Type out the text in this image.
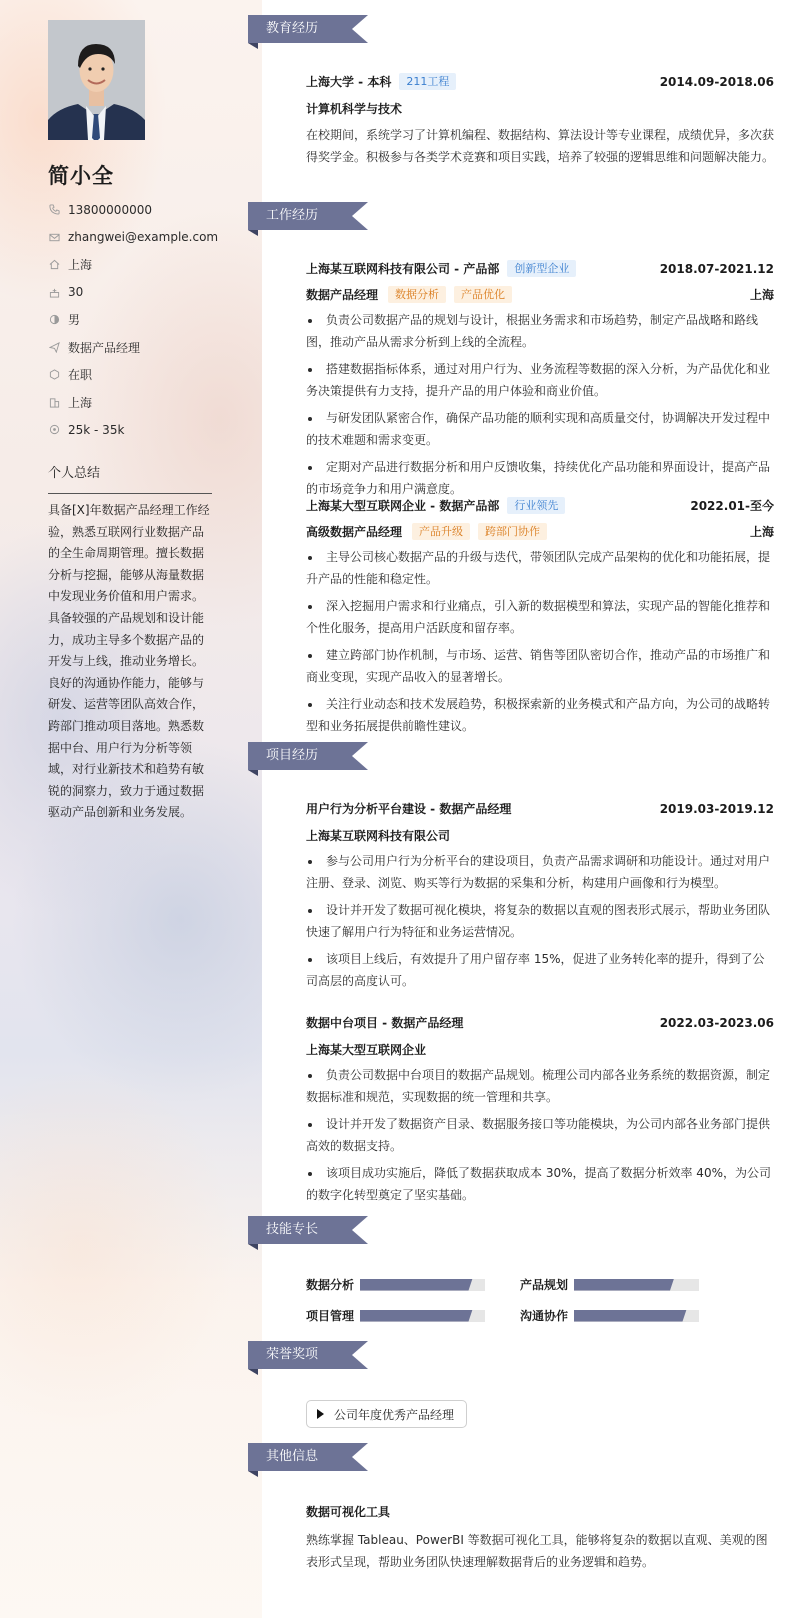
简小全
13800000000
zhangwei@example.com
上海
30
男
数据产品经理
在职
上海
25k - 35k
个人总结
具备[X]年数据产品经理工作经验，熟悉互联网行业数据产品的全生命周期管理。擅长数据分析与挖掘，能够从海量数据中发现业务价值和用户需求。具备较强的产品规划和设计能力，成功主导多个数据产品的开发与上线，推动业务增长。良好的沟通协作能力，能够与研发、运营等团队高效合作，跨部门推动项目落地。熟悉数据中台、用户行为分析等领域，对行业新技术和趋势有敏锐的洞察力，致力于通过数据驱动产品创新和业务发展。
教育经历
上海大学 - 本科	211工程	2014.09-2018.06
计算机科学与技术
在校期间，系统学习了计算机编程、数据结构、算法设计等专业课程，成绩优异，多次获得奖学金。积极参与各类学术竞赛和项目实践，培养了较强的逻辑思维和问题解决能力。
工作经历
上海某互联网科技有限公司 - 产品部	创新型企业	2018.07-2021.12
数据产品经理	数据分析	产品优化	上海
负责公司数据产品的规划与设计，根据业务需求和市场趋势，制定产品战略和路线图，推动产品从需求分析到上线的全流程。
搭建数据指标体系，通过对用户行为、业务流程等数据的深入分析，为产品优化和业务决策提供有力支持，提升产品的用户体验和商业价值。
与研发团队紧密合作，确保产品功能的顺利实现和高质量交付，协调解决开发过程中的技术难题和需求变更。
定期对产品进行数据分析和用户反馈收集，持续优化产品功能和界面设计，提高产品的市场竞争力和用户满意度。
上海某大型互联网企业 - 数据产品部	行业领先	2022.01-至今
高级数据产品经理	产品升级	跨部门协作	上海
主导公司核心数据产品的升级与迭代，带领团队完成产品架构的优化和功能拓展，提升产品的性能和稳定性。
深入挖掘用户需求和行业痛点，引入新的数据模型和算法，实现产品的智能化推荐和个性化服务，提高用户活跃度和留存率。
建立跨部门协作机制，与市场、运营、销售等团队密切合作，推动产品的市场推广和商业变现，实现产品收入的显著增长。
关注行业动态和技术发展趋势，积极探索新的业务模式和产品方向，为公司的战略转型和业务拓展提供前瞻性建议。
项目经历
用户行为分析平台建设 - 数据产品经理	2019.03-2019.12
上海某互联网科技有限公司
参与公司用户行为分析平台的建设项目，负责产品需求调研和功能设计。通过对用户注册、登录、浏览、购买等行为数据的采集和分析，构建用户画像和行为模型。
设计并开发了数据可视化模块，将复杂的数据以直观的图表形式展示，帮助业务团队快速了解用户行为特征和业务运营情况。
该项目上线后，有效提升了用户留存率 15%，促进了业务转化率的提升，得到了公司高层的高度认可。
数据中台项目 - 数据产品经理	2022.03-2023.06
上海某大型互联网企业
负责公司数据中台项目的数据产品规划。梳理公司内部各业务系统的数据资源，制定数据标准和规范，实现数据的统一管理和共享。
设计并开发了数据资产目录、数据服务接口等功能模块，为公司内部各业务部门提供高效的数据支持。
该项目成功实施后，降低了数据获取成本 30%，提高了数据分析效率 40%，为公司的数字化转型奠定了坚实基础。
技能专长
数据分析	产品规划
项目管理	沟通协作
荣誉奖项
公司年度优秀产品经理
其他信息
数据可视化工具
熟练掌握 Tableau、PowerBI 等数据可视化工具，能够将复杂的数据以直观、美观的图表形式呈现，帮助业务团队快速理解数据背后的业务逻辑和趋势。
